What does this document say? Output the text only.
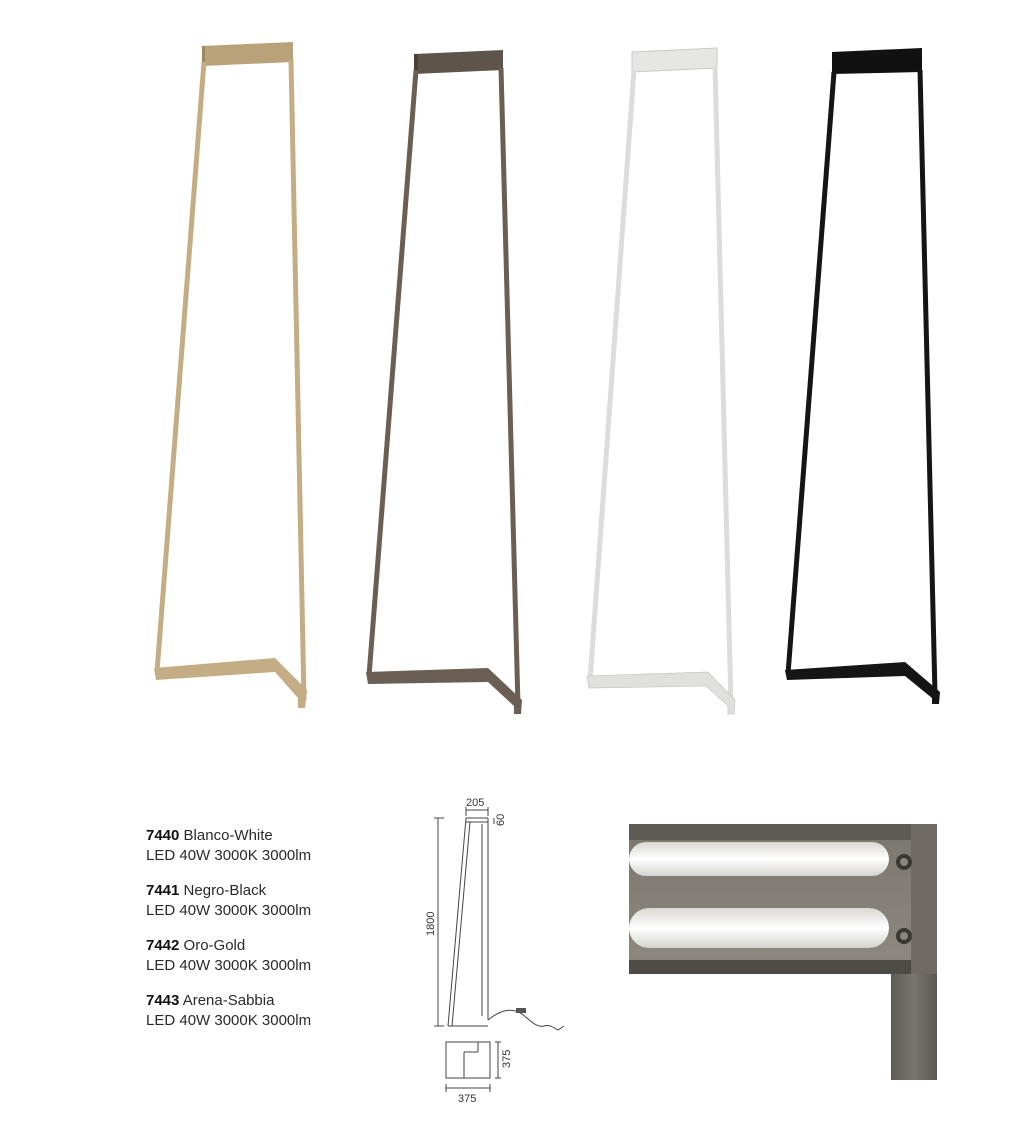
7440 Blanco-White
LED 40W 3000K 3000lm
7441 Negro-Black
LED 40W 3000K 3000lm
7442 Oro-Gold
LED 40W 3000K 3000lm
7443 Arena-Sabbia
LED 40W 3000K 3000lm
205
60
1800
375
375
